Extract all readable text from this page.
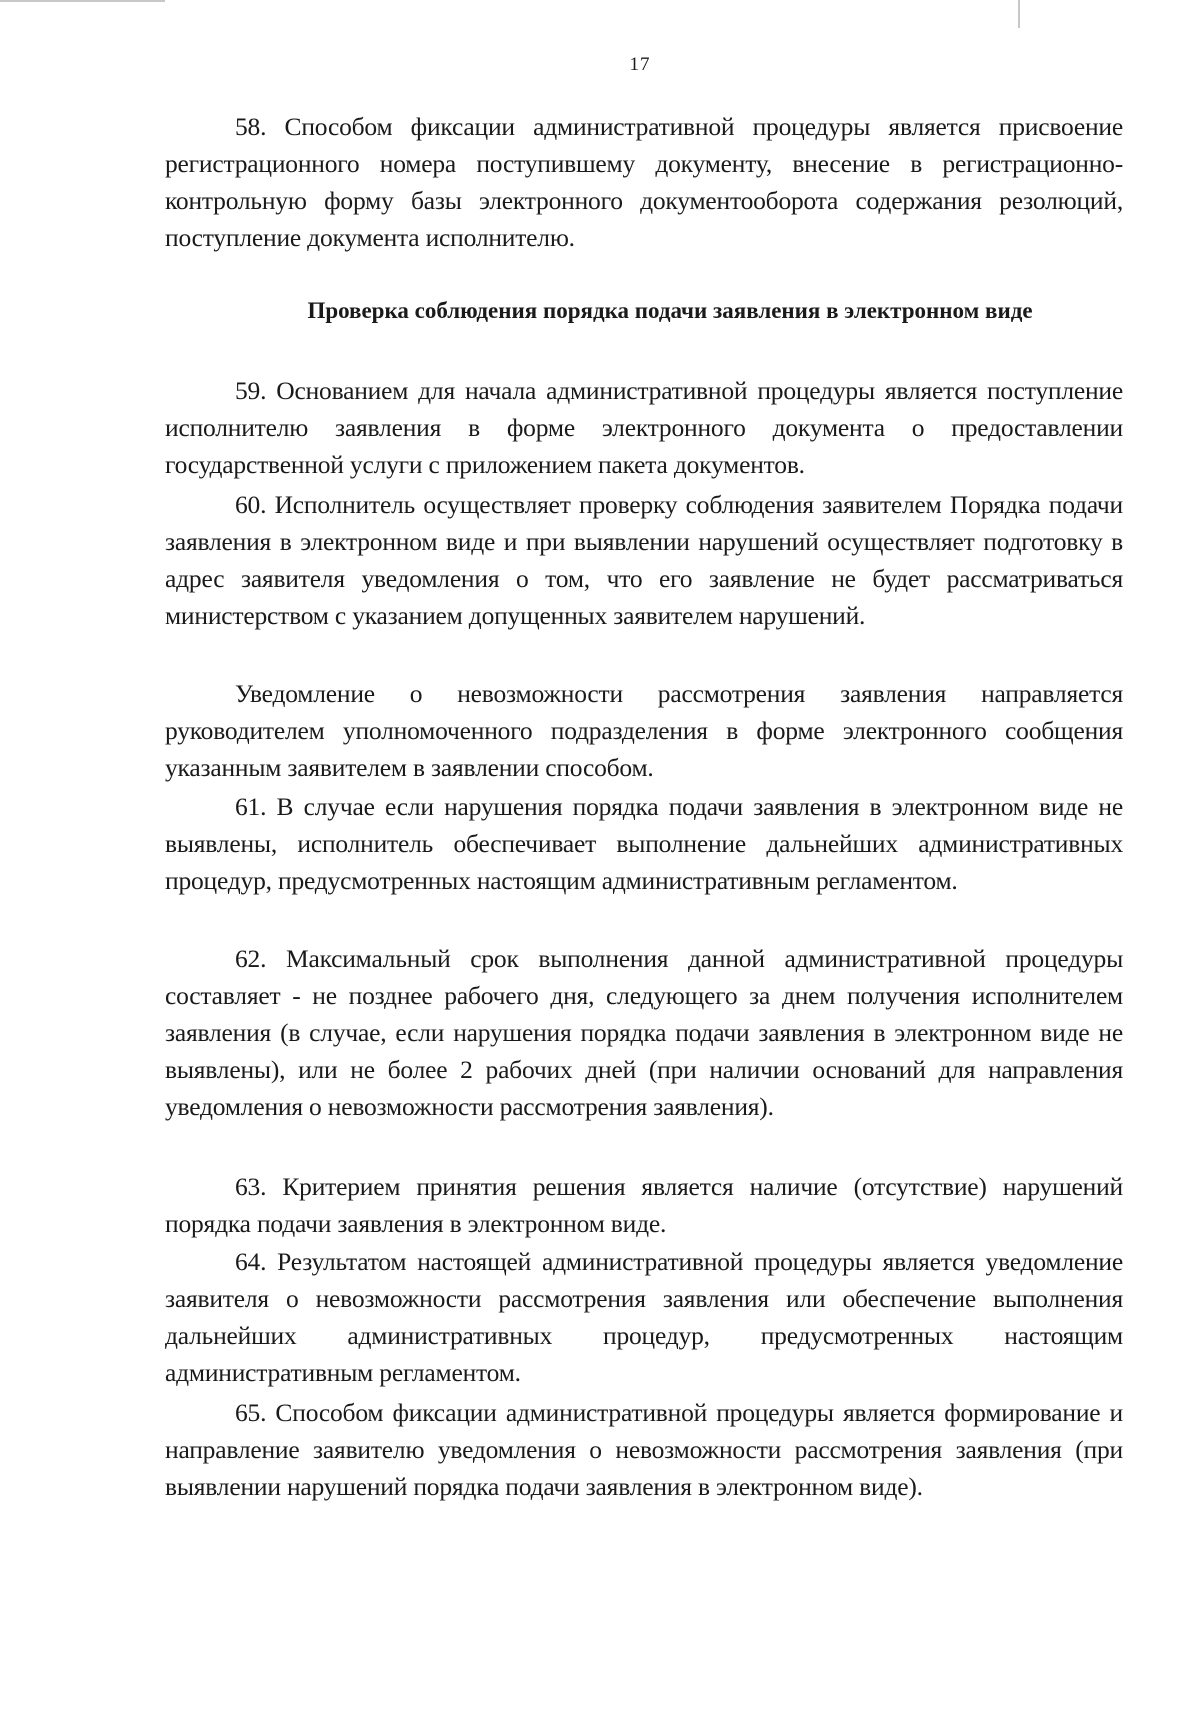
17

58. Способом фиксации административной процедуры является присвоение регистрационного номера поступившему документу, внесение в регистрационно-контрольную форму базы электронного документооборота содержания резолюций, поступление документа исполнителю.

Проверка соблюдения порядка подачи заявления в электронном виде

59. Основанием для начала административной процедуры является поступление исполнителю заявления в форме электронного документа о предоставлении государственной услуги с приложением пакета документов.

60. Исполнитель осуществляет проверку соблюдения заявителем Порядка подачи заявления в электронном виде и при выявлении нарушений осуществляет подготовку в адрес заявителя уведомления о том, что его заявление не будет рассматриваться министерством с указанием допущенных заявителем нарушений.

Уведомление о невозможности рассмотрения заявления направляется руководителем уполномоченного подразделения в форме электронного сообщения указанным заявителем в заявлении способом.

61. В случае если нарушения порядка подачи заявления в электронном виде не выявлены, исполнитель обеспечивает выполнение дальнейших административных процедур, предусмотренных настоящим административным регламентом.

62. Максимальный срок выполнения данной административной процедуры составляет - не позднее рабочего дня, следующего за днем получения исполнителем заявления (в случае, если нарушения порядка подачи заявления в электронном виде не выявлены), или не более 2 рабочих дней (при наличии оснований для направления уведомления о невозможности рассмотрения заявления).

63. Критерием принятия решения является наличие (отсутствие) нарушений порядка подачи заявления в электронном виде.

64. Результатом настоящей административной процедуры является уведомление заявителя о невозможности рассмотрения заявления или обеспечение выполнения дальнейших административных процедур, предусмотренных настоящим административным регламентом.

65. Способом фиксации административной процедуры является формирование и направление заявителю уведомления о невозможности рассмотрения заявления (при выявлении нарушений порядка подачи заявления в электронном виде).
